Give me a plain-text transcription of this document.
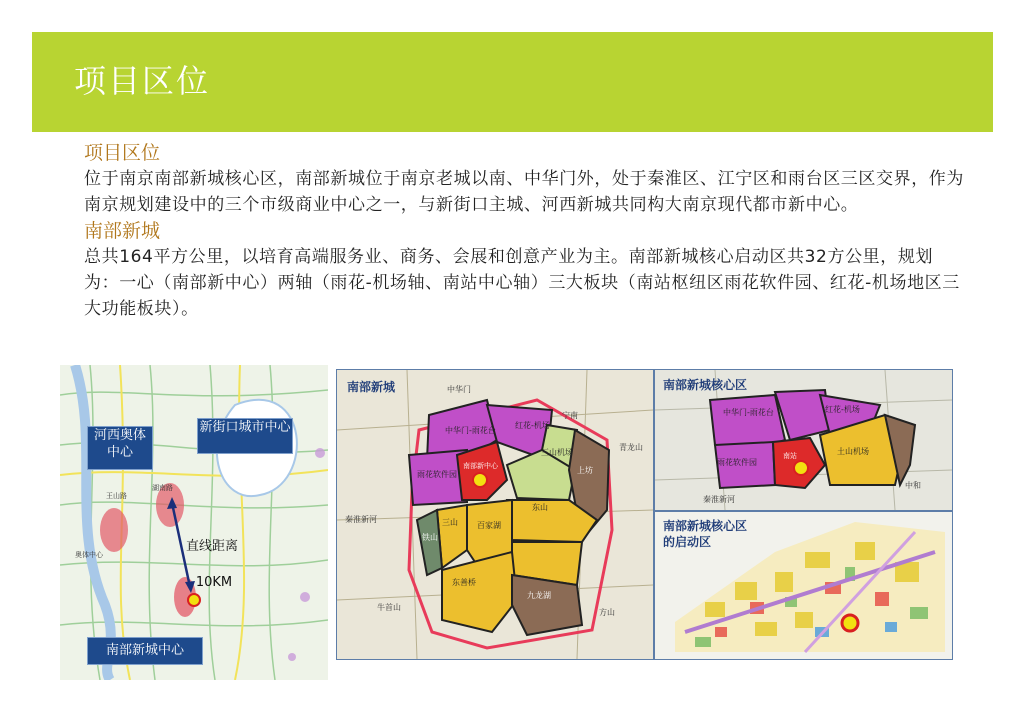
项目区位

项目区位

位于南京南部新城核心区，南部新城位于南京老城以南、中华门外，处于秦淮区、江宁区和雨台区三区交界，作为南京规划建设中的三个市级商业中心之一，与新街口主城、河西新城共同构大南京现代都市新中心。

南部新城

总共164平方公里，以培育高端服务业、商务、会展和创意产业为主。南部新城核心启动区共32方公里，规划为：一心（南部新中心）两轴（雨花-机场轴、南站中心轴）三大板块（南站枢纽区雨花软件园、红花-机场地区三大功能板块）。

湖南路
奥体中心
王山路
河西奥体中心
新街口城市中心
南部新城中心
直线距离
10KM
中华门-雨花台
红花-机场
三山机场
雨花软件园
南部新中心
东山
百家湖
上坊
三山
东善桥
九龙湖
铁山
中华门
秦淮新河
青龙山
方山
牛首山
宁南
南部新城
中华门-雨花台	红花-机场
土山机场
雨花软件园
南站
秦淮新河
中和
南部新城核心区
南部新城核心区
的启动区
